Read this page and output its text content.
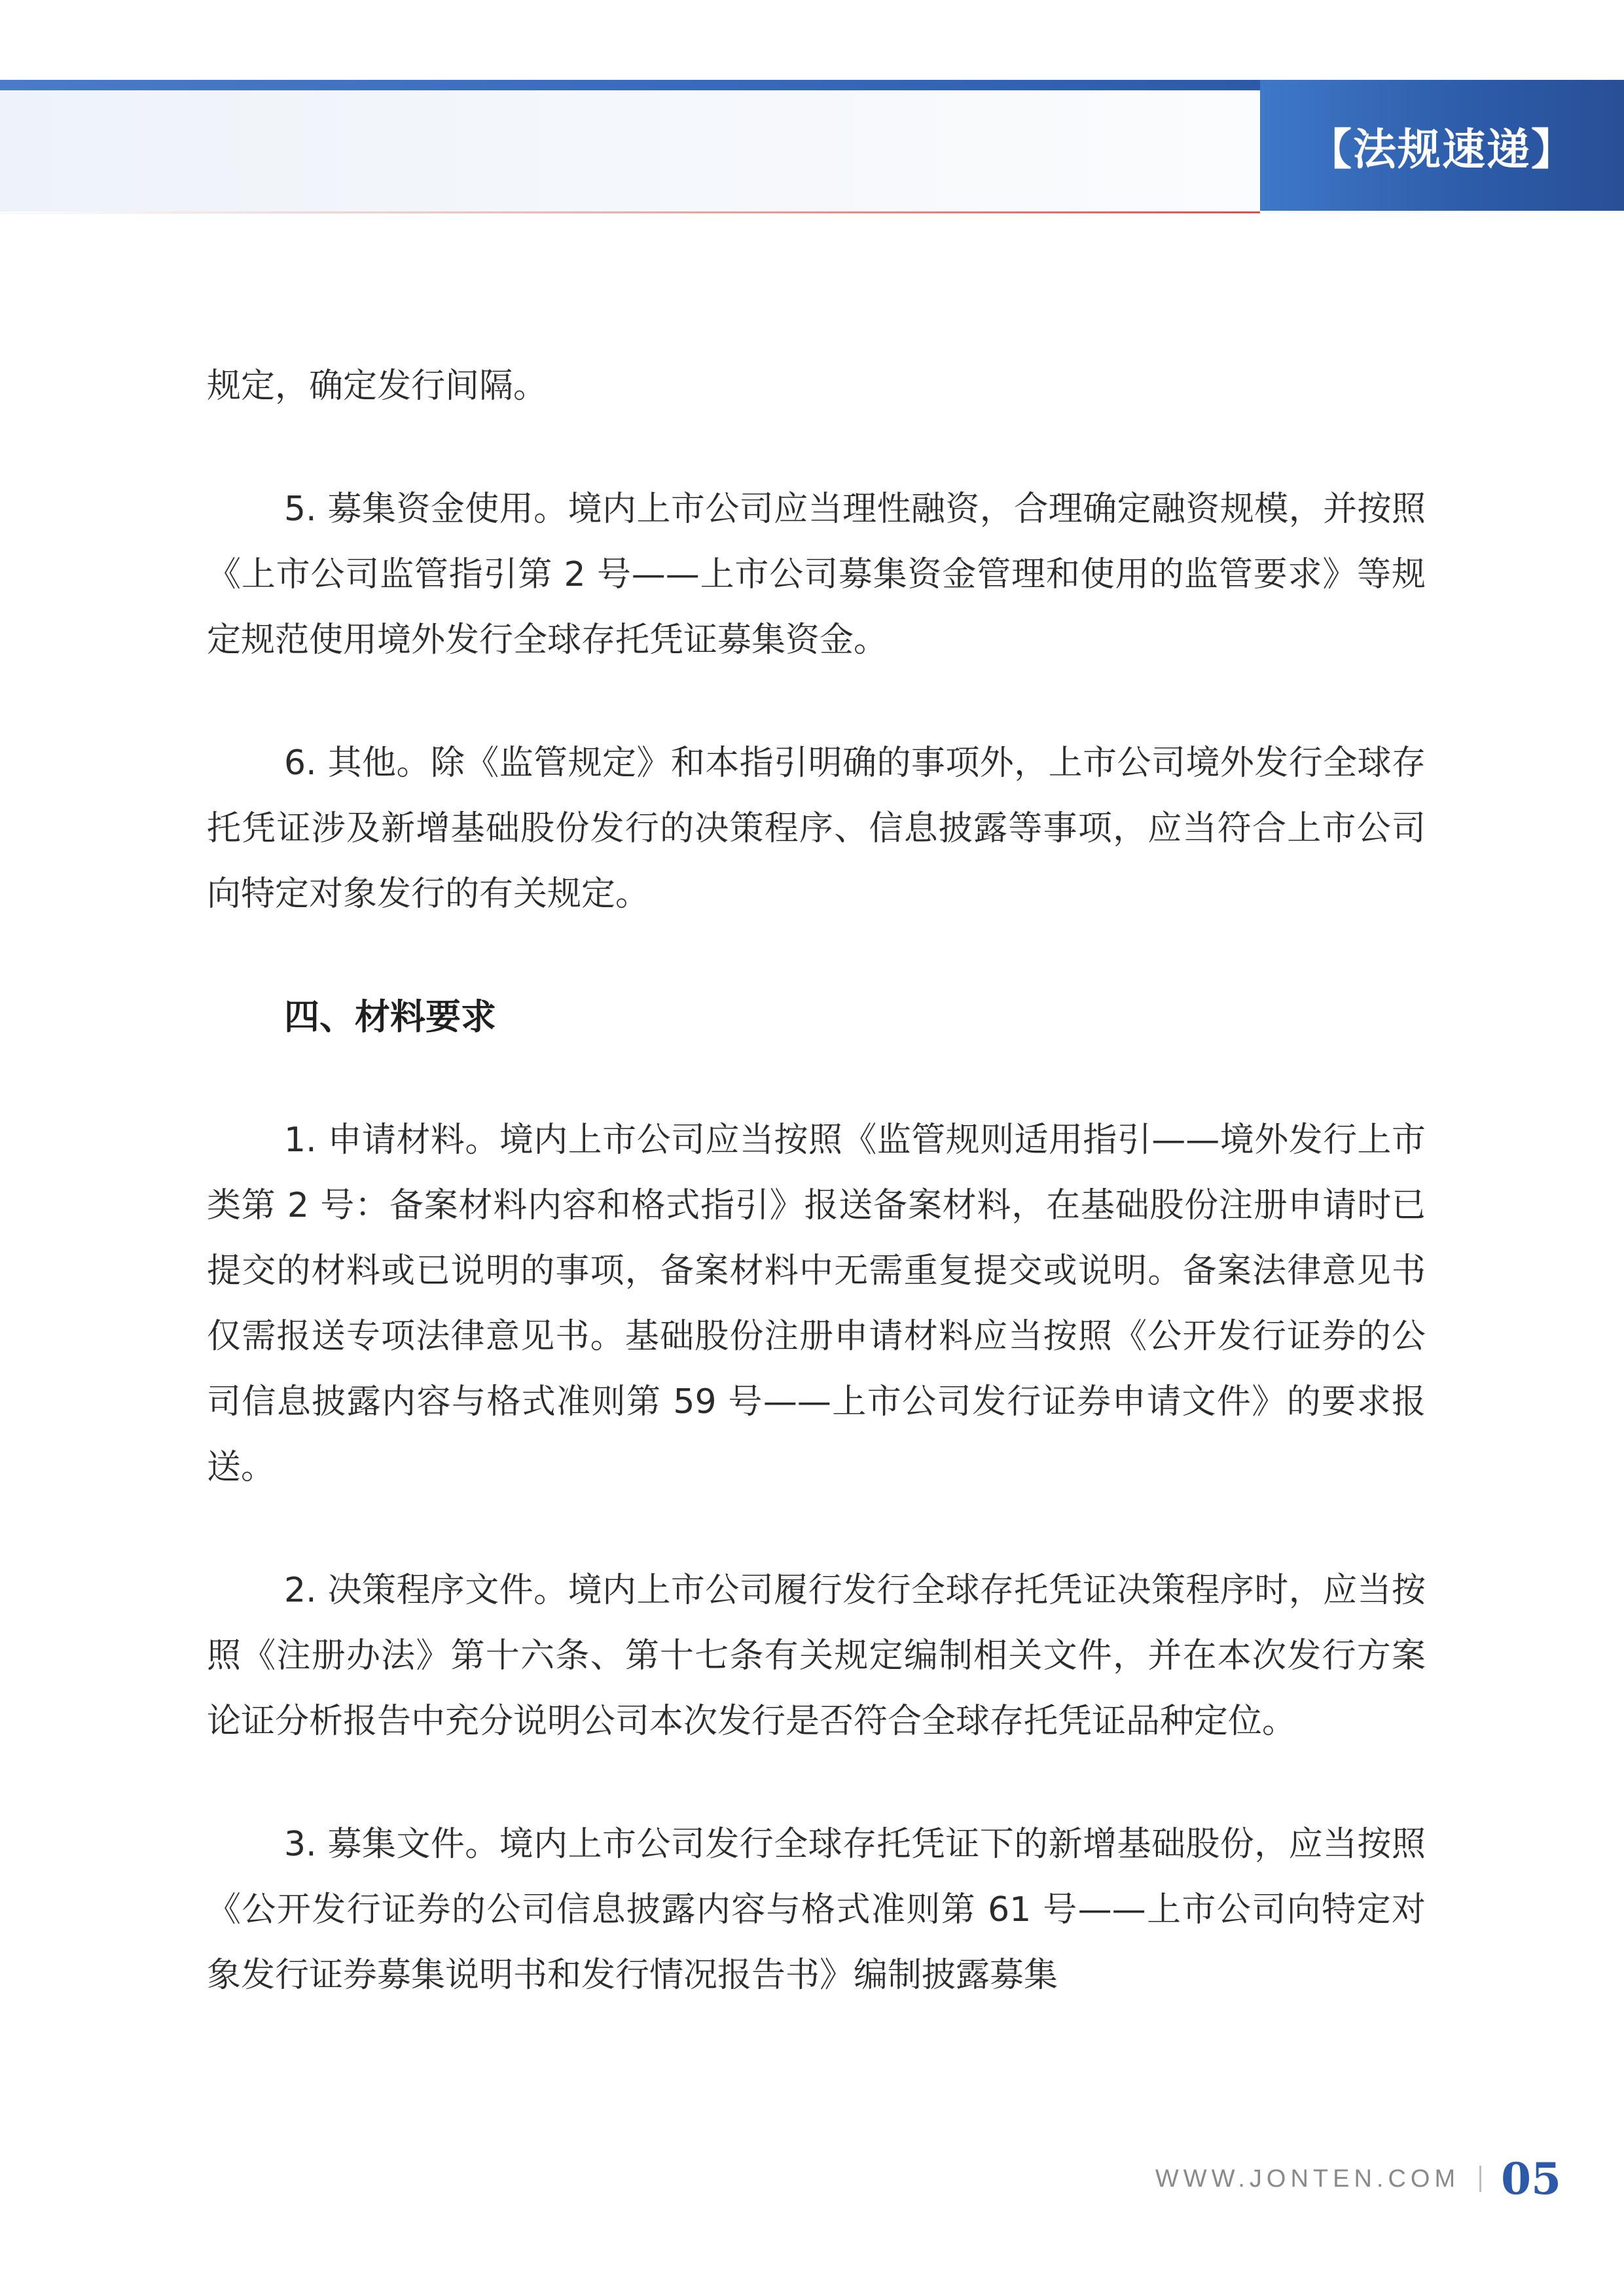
【法规速递】

规定，确定发行间隔。

5. 募集资金使用。境内上市公司应当理性融资，合理确定融资规模，并按照《上市公司监管指引第 2 号——上市公司募集资金管理和使用的监管要求》等规定规范使用境外发行全球存托凭证募集资金。

6. 其他。除《监管规定》和本指引明确的事项外，上市公司境外发行全球存托凭证涉及新增基础股份发行的决策程序、信息披露等事项，应当符合上市公司向特定对象发行的有关规定。

四、材料要求

1. 申请材料。境内上市公司应当按照《监管规则适用指引——境外发行上市类第 2 号：备案材料内容和格式指引》报送备案材料，在基础股份注册申请时已提交的材料或已说明的事项，备案材料中无需重复提交或说明。备案法律意见书仅需报送专项法律意见书。基础股份注册申请材料应当按照《公开发行证券的公司信息披露内容与格式准则第 59 号——上市公司发行证券申请文件》的要求报送。

2. 决策程序文件。境内上市公司履行发行全球存托凭证决策程序时，应当按照《注册办法》第十六条、第十七条有关规定编制相关文件，并在本次发行方案论证分析报告中充分说明公司本次发行是否符合全球存托凭证品种定位。

3. 募集文件。境内上市公司发行全球存托凭证下的新增基础股份，应当按照《公开发行证券的公司信息披露内容与格式准则第 61 号——上市公司向特定对象发行证券募集说明书和发行情况报告书》编制披露募集

WWW.JONTEN.COM 05
